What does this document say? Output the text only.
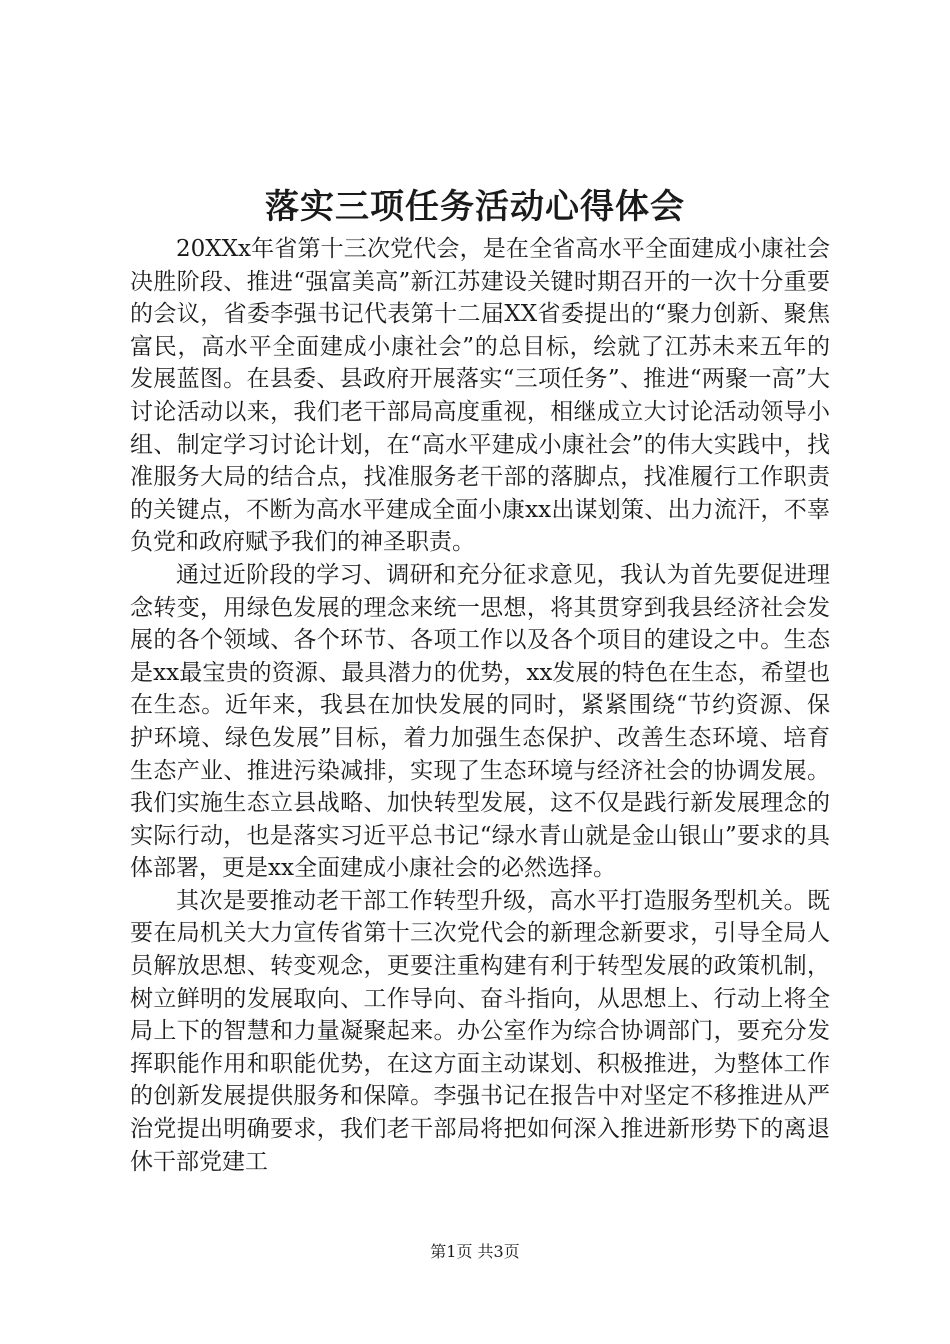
落实三项任务活动心得体会

20XXx年省第十三次党代会，是在全省高水平全面建成小康社会决胜阶段、推进“强富美高”新江苏建设关键时期召开的一次十分重要的会议，省委李强书记代表第十二届XX省委提出的“聚力创新、聚焦富民，高水平全面建成小康社会”的总目标，绘就了江苏未来五年的发展蓝图。在县委、县政府开展落实“三项任务”、推进“两聚一高”大讨论活动以来，我们老干部局高度重视，相继成立大讨论活动领导小组、制定学习讨论计划，在“高水平建成小康社会”的伟大实践中，找准服务大局的结合点，找准服务老干部的落脚点，找准履行工作职责的关键点，不断为高水平建成全面小康xx出谋划策、出力流汗，不辜负党和政府赋予我们的神圣职责。

通过近阶段的学习、调研和充分征求意见，我认为首先要促进理念转变，用绿色发展的理念来统一思想，将其贯穿到我县经济社会发展的各个领域、各个环节、各项工作以及各个项目的建设之中。生态是xx最宝贵的资源、最具潜力的优势，xx发展的特色在生态，希望也在生态。近年来，我县在加快发展的同时，紧紧围绕“节约资源、保护环境、绿色发展”目标，着力加强生态保护、改善生态环境、培育生态产业、推进污染减排，实现了生态环境与经济社会的协调发展。我们实施生态立县战略、加快转型发展，这不仅是践行新发展理念的实际行动，也是落实习近平总书记“绿水青山就是金山银山”要求的具体部署，更是xx全面建成小康社会的必然选择。

其次是要推动老干部工作转型升级，高水平打造服务型机关。既要在局机关大力宣传省第十三次党代会的新理念新要求，引导全局人员解放思想、转变观念，更要注重构建有利于转型发展的政策机制，树立鲜明的发展取向、工作导向、奋斗指向，从思想上、行动上将全局上下的智慧和力量凝聚起来。办公室作为综合协调部门，要充分发挥职能作用和职能优势，在这方面主动谋划、积极推进，为整体工作的创新发展提供服务和保障。李强书记在报告中对坚定不移推进从严治党提出明确要求，我们老干部局将把如何深入推进新形势下的离退休干部党建工

第1页 共3页
